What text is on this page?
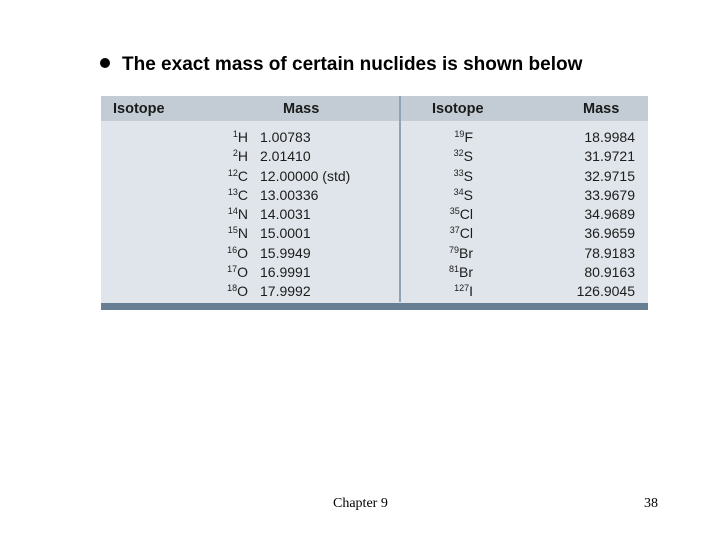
The exact mass of certain nuclides is shown below
Isotope	Mass	Isotope	Mass
$^1$H 1.00783	$^{19}$F	18.9984
$^2$H 2.01410	$^{32}$S	31.9721
$^{12}$C 12.00000 (std)	$^{33}$S	32.9715
$^{13}$C 13.00336	$^{34}$S	33.9679
$^{14}$N 14.0031	$^{35}$Cl	34.9689
$^{15}$N 15.0001	$^{37}$Cl	36.9659
$^{16}$O 15.9949	$^{79}$Br	78.9183
$^{17}$O 16.9991	$^{81}$Br	80.9163
$^{18}$O 17.9992	$^{127}$I	126.9045
Chapter 9	38
